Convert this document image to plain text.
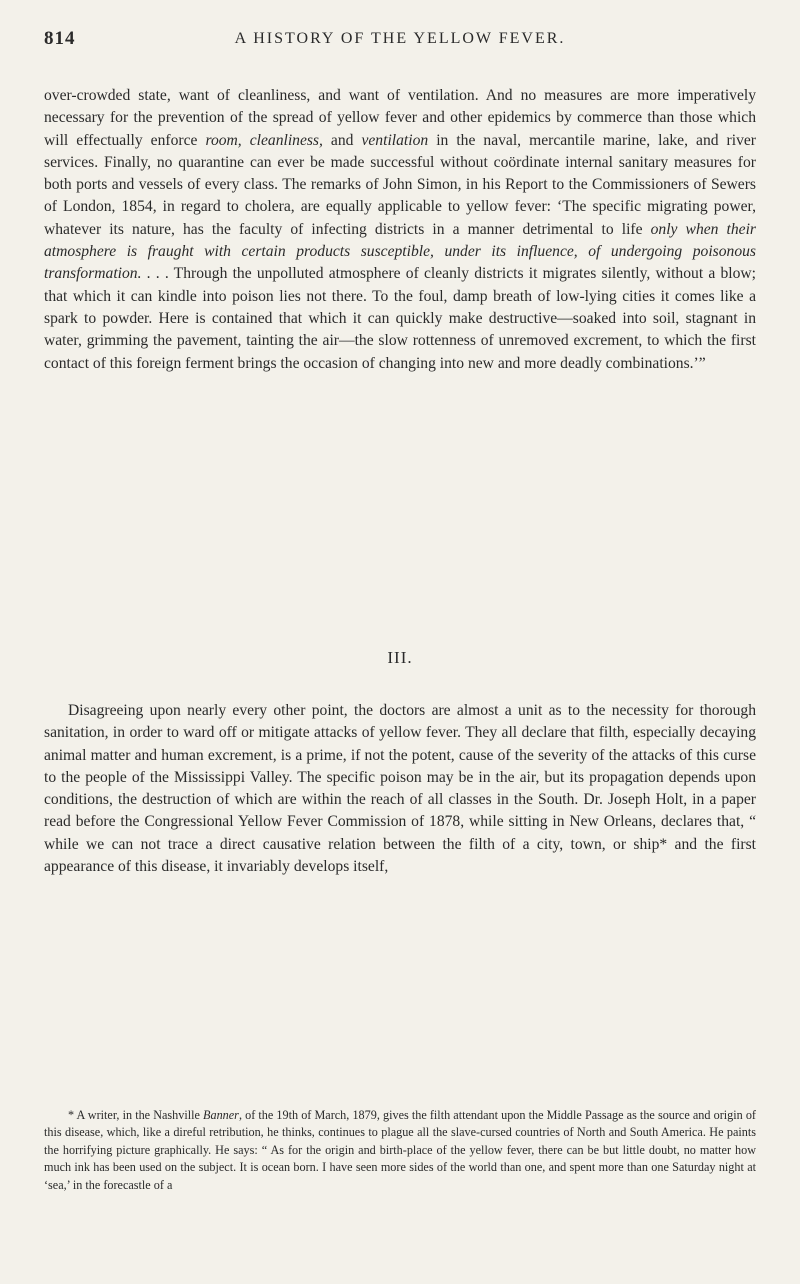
814	A HISTORY OF THE YELLOW FEVER.

over-crowded state, want of cleanliness, and want of ventilation. And no measures are more imperatively necessary for the prevention of the spread of yellow fever and other epidemics by commerce than those which will effectually enforce room, cleanliness, and ventilation in the naval, mercantile marine, lake, and river services. Finally, no quarantine can ever be made successful without coördinate internal sanitary measures for both ports and vessels of every class. The remarks of John Simon, in his Report to the Commissioners of Sewers of London, 1854, in regard to cholera, are equally applicable to yellow fever: ‘The specific migrating power, whatever its nature, has the faculty of infecting districts in a manner detrimental to life only when their atmosphere is fraught with certain products susceptible, under its influence, of undergoing poisonous transformation. . . . Through the unpolluted atmosphere of cleanly districts it migrates silently, without a blow; that which it can kindle into poison lies not there. To the foul, damp breath of low-lying cities it comes like a spark to powder. Here is contained that which it can quickly make destructive—soaked into soil, stagnant in water, grimming the pavement, tainting the air—the slow rottenness of unremoved excrement, to which the first contact of this foreign ferment brings the occasion of changing into new and more deadly combinations.’”

III.

Disagreeing upon nearly every other point, the doctors are almost a unit as to the necessity for thorough sanitation, in order to ward off or mitigate attacks of yellow fever. They all declare that filth, especially decaying animal matter and human excrement, is a prime, if not the potent, cause of the severity of the attacks of this curse to the people of the Mississippi Valley. The specific poison may be in the air, but its propagation depends upon conditions, the destruction of which are within the reach of all classes in the South. Dr. Joseph Holt, in a paper read before the Congressional Yellow Fever Commission of 1878, while sitting in New Orleans, declares that, “ while we can not trace a direct causative relation between the filth of a city, town, or ship* and the first appearance of this disease, it invariably develops itself,

* A writer, in the Nashville Banner, of the 19th of March, 1879, gives the filth attendant upon the Middle Passage as the source and origin of this disease, which, like a direful retribution, he thinks, continues to plague all the slave-cursed countries of North and South America. He paints the horrifying picture graphically. He says: “ As for the origin and birth-place of the yellow fever, there can be but little doubt, no matter how much ink has been used on the subject. It is ocean born. I have seen more sides of the world than one, and spent more than one Saturday night at ‘sea,’ in the forecastle of a
